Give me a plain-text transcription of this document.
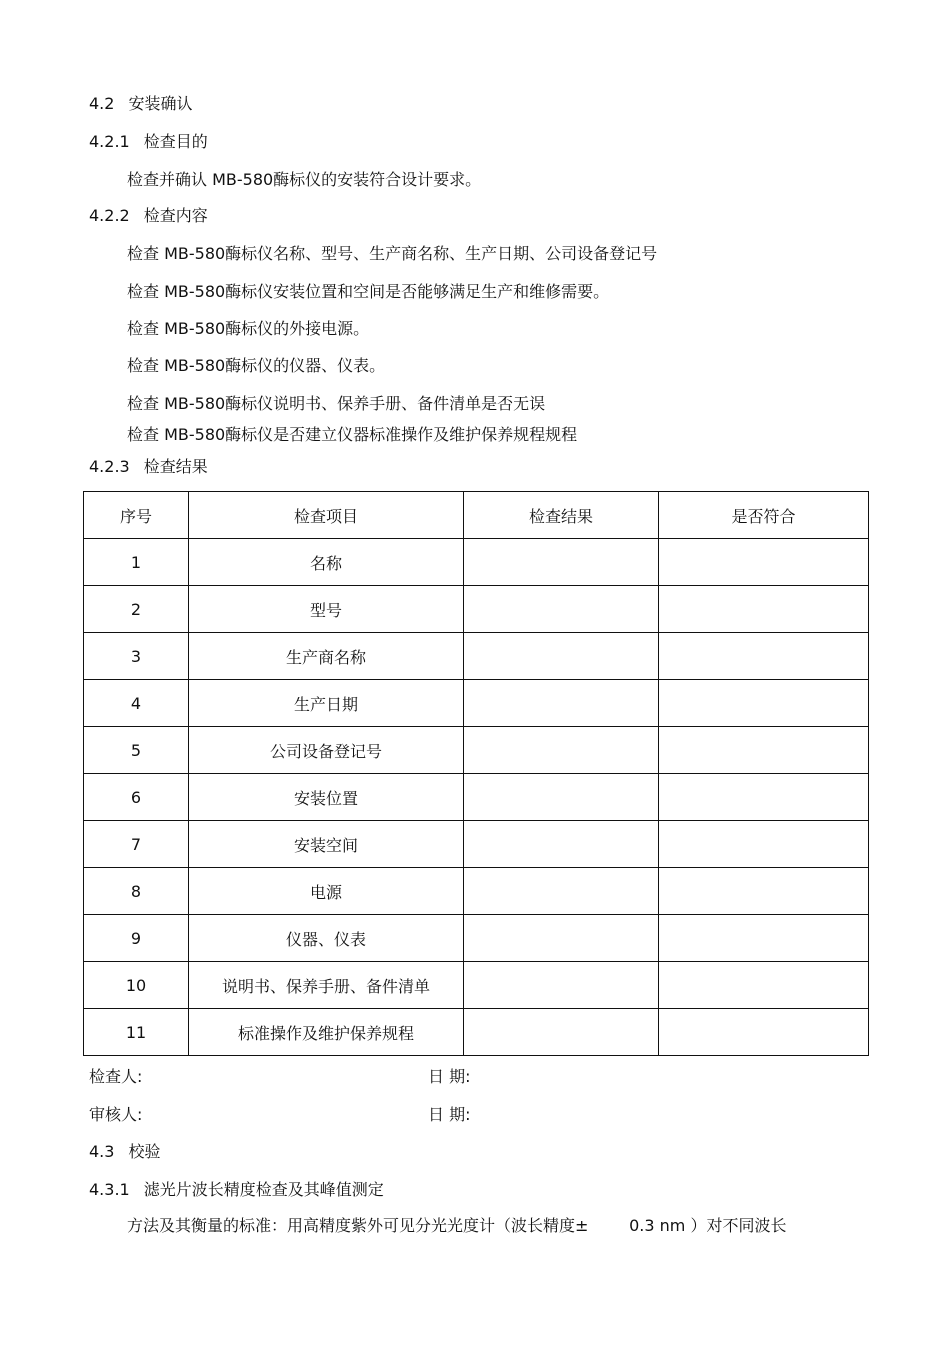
4.2 安装确认
4.2.1 检查目的
检查并确认 MB-580酶标仪的安装符合设计要求。
4.2.2 检查内容
检查 MB-580酶标仪名称、型号、生产商名称、生产日期、公司设备登记号
检查 MB-580酶标仪安装位置和空间是否能够满足生产和维修需要。
检查 MB-580酶标仪的外接电源。
检查 MB-580酶标仪的仪器、仪表。
检查 MB-580酶标仪说明书、保养手册、备件清单是否无误
检查 MB-580酶标仪是否建立仪器标准操作及维护保养规程规程
4.2.3 检查结果
序号	检查项目	检查结果	是否符合
1	名称		
2	型号		
3	生产商名称		
4	生产日期		
5	公司设备登记号		
6	安装位置		
7	安装空间		
8	电源		
9	仪器、仪表		
10	说明书、保养手册、备件清单		
11	标准操作及维护保养规程		
检查人:	日 期:
审核人:	日 期:
4.3 校验
4.3.1 滤光片波长精度检查及其峰值测定
方法及其衡量的标准：用高精度紫外可见分光光度计（波长精度±        0.3 nm ）对不同波长
